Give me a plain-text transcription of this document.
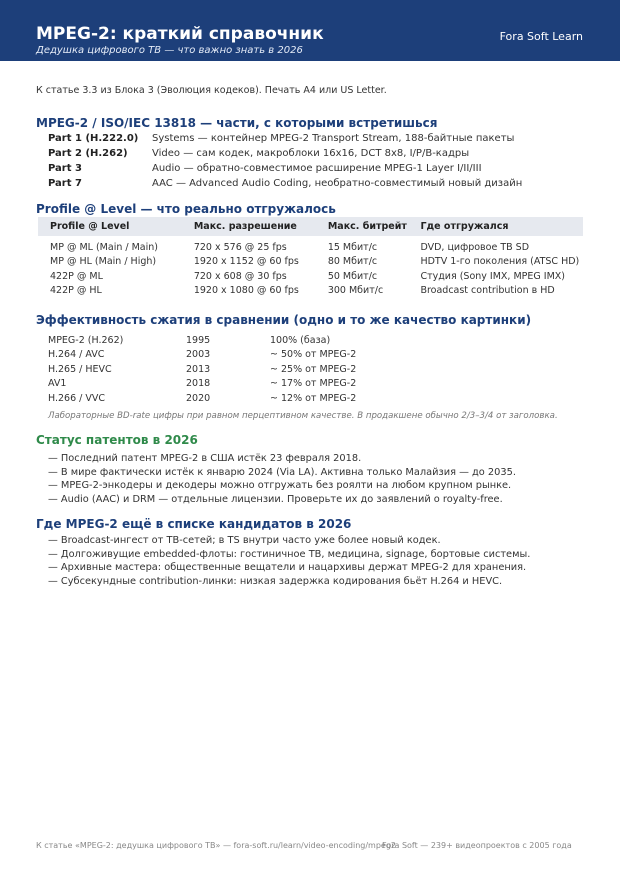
MPEG-2: краткий справочник
Дедушка цифрового ТВ — что важно знать в 2026
Fora Soft Learn
К статье 3.3 из Блока 3 (Эволюция кодеков). Печать A4 или US Letter.
MPEG-2 / ISO/IEC 13818 — части, с которыми встретишься
Part 1 (H.222.0)	Systems — контейнер MPEG-2 Transport Stream, 188-байтные пакеты
Part 2 (H.262)	Video — сам кодек, макроблоки 16x16, DCT 8x8, I/P/B-кадры
Part 3	Audio — обратно-совместимое расширение MPEG-1 Layer I/II/III
Part 7	AAC — Advanced Audio Coding, необратно-совместимый новый дизайн
Profile @ Level — что реально отгружалось
Profile @ Level	Макс. разрешение	Макс. битрейт	Где отгружался
MP @ ML (Main / Main)	720 x 576 @ 25 fps	15 Мбит/с	DVD, цифровое ТВ SD
MP @ HL (Main / High)	1920 x 1152 @ 60 fps	80 Мбит/с	HDTV 1-го поколения (ATSC HD)
422P @ ML	720 x 608 @ 30 fps	50 Мбит/с	Студия (Sony IMX, MPEG IMX)
422P @ HL	1920 x 1080 @ 60 fps	300 Мбит/с	Broadcast contribution в HD
Эффективность сжатия в сравнении (одно и то же качество картинки)
MPEG-2 (H.262)	1995	100% (база)
H.264 / AVC	2003	~ 50% от MPEG-2
H.265 / HEVC	2013	~ 25% от MPEG-2
AV1	2018	~ 17% от MPEG-2
H.266 / VVC	2020	~ 12% от MPEG-2
Лабораторные BD-rate цифры при равном перцептивном качестве. В продакшене обычно 2/3–3/4 от заголовка.
Статус патентов в 2026
— Последний патент MPEG-2 в США истёк 23 февраля 2018.
— В мире фактически истёк к январю 2024 (Via LA). Активна только Малайзия — до 2035.
— MPEG-2-энкодеры и декодеры можно отгружать без роялти на любом крупном рынке.
— Audio (AAC) и DRM — отдельные лицензии. Проверьте их до заявлений о royalty-free.
Где MPEG-2 ещё в списке кандидатов в 2026
— Broadcast-ингест от ТВ-сетей; в TS внутри часто уже более новый кодек.
— Долгоживущие embedded-флоты: гостиничное ТВ, медицина, signage, бортовые системы.
— Архивные мастера: общественные вещатели и нацархивы держат MPEG-2 для хранения.
— Субсекундные contribution-линки: низкая задержка кодирования бьёт H.264 и HEVC.
К статье «MPEG-2: дедушка цифрового ТВ» — fora-soft.ru/learn/video-encoding/mpeg2
Fora Soft — 239+ видеопроектов с 2005 года
